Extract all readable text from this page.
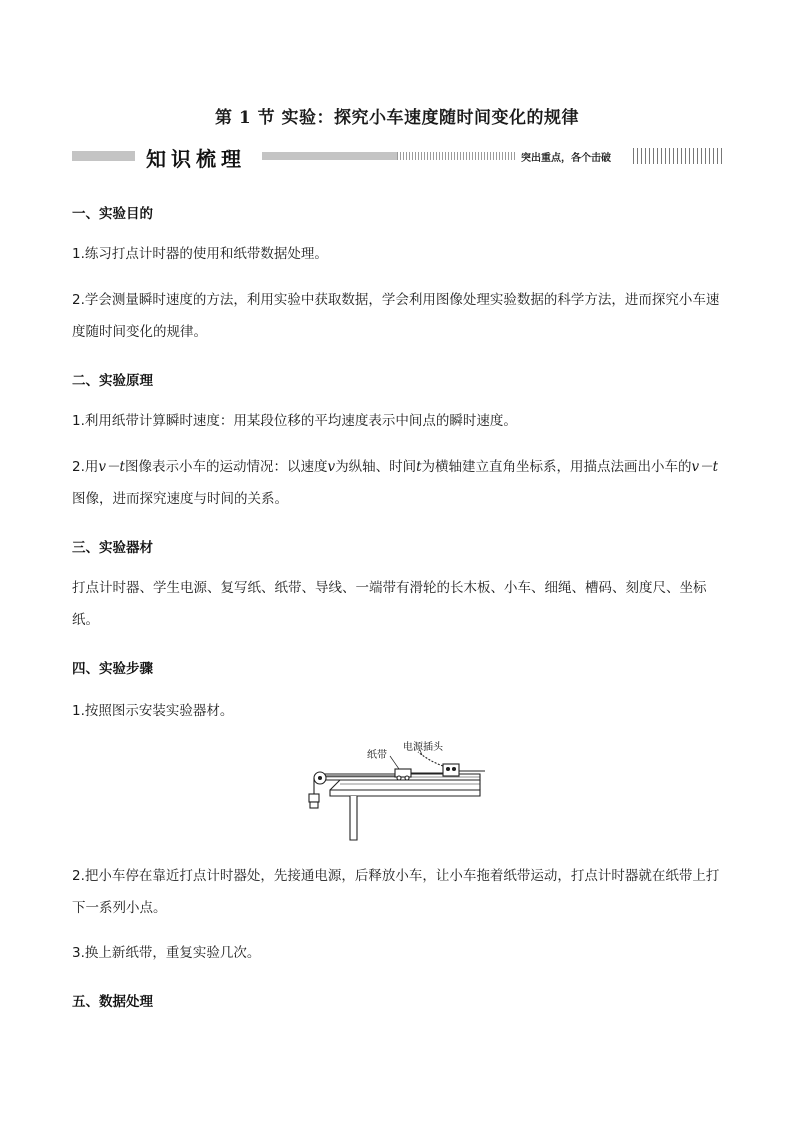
第 1 节 实验：探究小车速度随时间变化的规律
知识梳理	突出重点，各个击破
一、实验目的
1.练习打点计时器的使用和纸带数据处理。
2.学会测量瞬时速度的方法，利用实验中获取数据，学会利用图像处理实验数据的科学方法，进而探究小车速度随时间变化的规律。
二、实验原理
1.利用纸带计算瞬时速度：用某段位移的平均速度表示中间点的瞬时速度。
2.用v－t图像表示小车的运动情况：以速度v为纵轴、时间t为横轴建立直角坐标系，用描点法画出小车的v－t图像，进而探究速度与时间的关系。
三、实验器材
打点计时器、学生电源、复写纸、纸带、导线、一端带有滑轮的长木板、小车、细绳、槽码、刻度尺、坐标纸。
四、实验步骤
1.按照图示安装实验器材。
纸带
电源插头
2.把小车停在靠近打点计时器处，先接通电源，后释放小车，让小车拖着纸带运动，打点计时器就在纸带上打下一系列小点。
3.换上新纸带，重复实验几次。
五、数据处理
